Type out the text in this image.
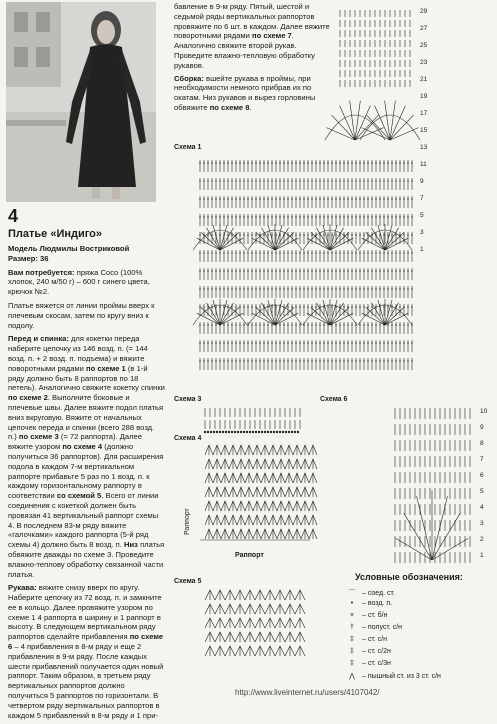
4
Платье «Индиго»

Модель Людмилы Востриковой
Размер: 36

Вам потребуется: пряжа Coco (100% хлопок, 240 м/50 г) – 600 г синего цвета, крючок №2.

Платье вяжется от линии проймы вверх к плечевым скосам, затем по кругу вниз к подолу.

Перед и спинка: для кокетки переда наберите цепочку из 146 возд. п. (= 144 возд. п. + 2 возд. п. подъема) и вяжите поворотными рядами по схеме 1 (в 1-й ряду должно быть 8 раппортов по 18 петель). Аналогично свяжите кокетку спинки по схеме 2. Выполните боковые и плечевые швы. Далее вяжите подол платья вниз вкруговую. Вяжите от начальных цепочек переда и спинки (всего 288 возд. п.) по схеме 3 (= 72 раппорта). Далее вяжите узором по схеме 4 (должно получиться 36 раппортов). Для расширения подола в каждом 7-м вертикальном раппорте прибавьте 5 раз по 1 возд. п. к каждому горизонтальному раппорту в соответствии со схемой 5. Всего от линии соединения с кокеткой должен быть провязан 41 вертикальный раппорт схемы 4. В последнем 83-м ряду вяжите «галочками» каждого раппорта (5-й ряд схемы 4) должно быть 8 возд. п. Низ платья обвяжите дважды по схеме 3. Проведите влажно-теплову обработку связанной части платья.

Рукава: вяжите снизу вверх по кругу. Наберите цепочку из 72 возд. п. и замкните ее в кольцо. Далее провяжите узором по схеме 1 4 раппорта в ширину и 1 раппорт в высоту. В следующем вертикальном ряду раппортов сделайте прибавления по схеме 6 – 4 прибавления в 8-м ряду и еще 2 прибавления в 9-м ряду. После каждых шести прибавлений получается один новый раппорт. Таким образом, в третьем ряду вертикальных раппортов должно получиться 5 раппортов по горизонтали. В четвертом ряду вертикальных раппортов в каждом 5 прибавлений в 8-м ряду и 1 при-

бавление в 9-м ряду. Пятый, шестой и седьмой ряды вертикальных раппортов провяжите по 6 шт. в каждом. Далее вяжите поворотными рядами по схеме 7. Аналогично свяжите второй рукав. Проведите влажно-тепловую обработку рукавов.

Сборка: вшейте рукава в проймы, при необходимости немного прибрав их по окатам. Низ рукавов и вырез горловины обвяжите по схеме 8.

Схема 1
Схема 3
Схема 4
Схема 5
Схема 6
Раппорт
Раппорт
29
27
25
23
21
19
17
15
13
11
9
7
5
3
1
10
9
8
7
6
5
4
3
2
1
Условные обозначения:
⌒ – соед. ст.
• – возд. п.
× – ст. б/н
† – полуст. с/н
‡ – ст. с/н
‡ – ст. с/2н
‡ – ст. с/3н
⋀ – пышный ст. из 3 ст. с/н
http://www.liveinternet.ru/users/4107042/
